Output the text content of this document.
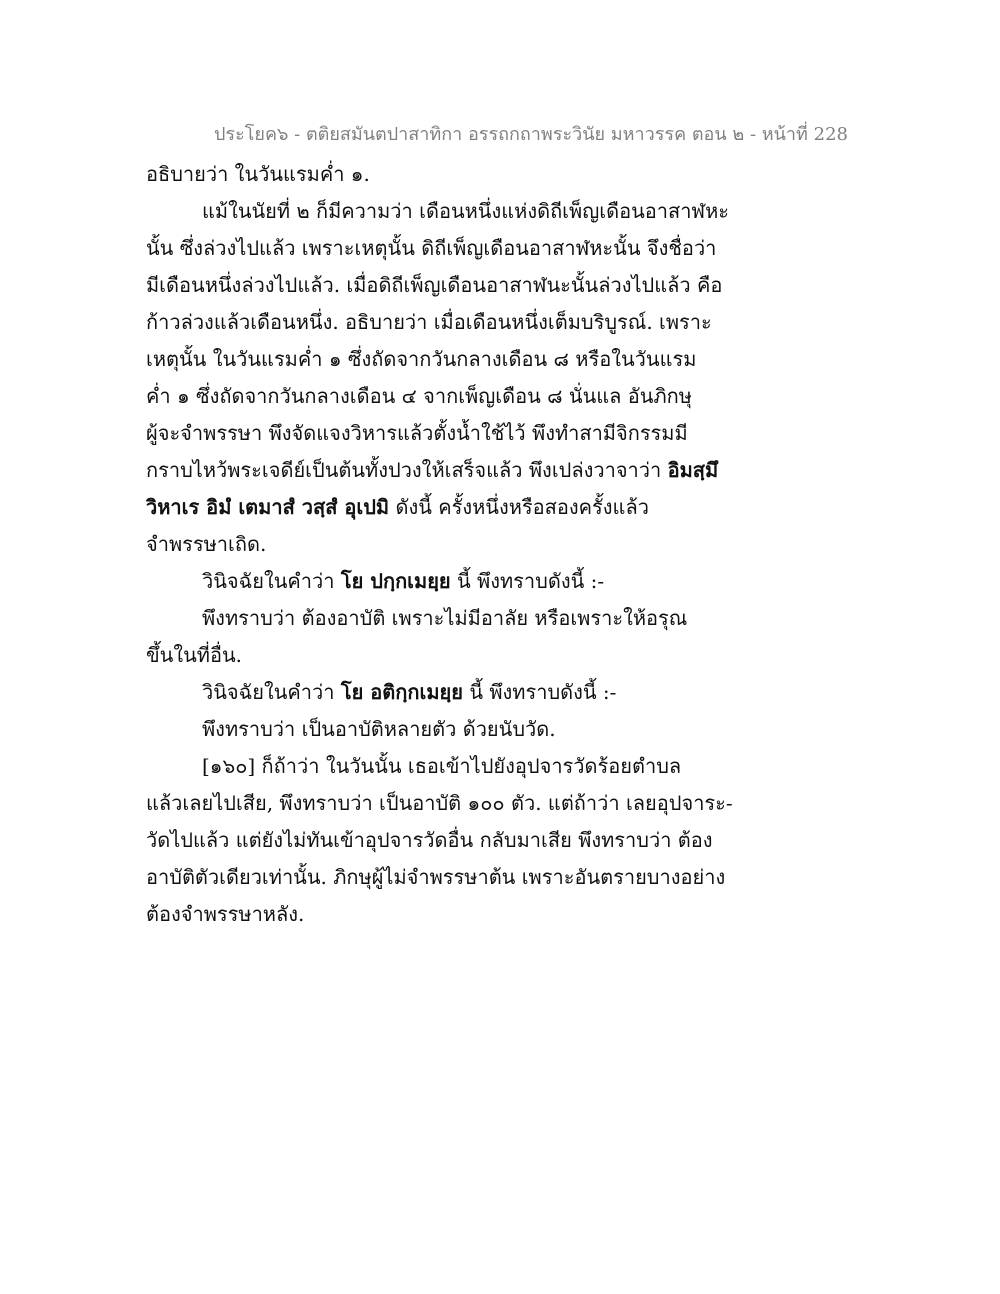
ประโยค๖ - ตติยสมันตปาสาทิกา อรรถกถาพระวินัย มหาวรรค ตอน ๒ - หน้าที่ 228
อธิบายว่า ในวันแรมค่ำ ๑.
แม้ในนัยที่ ๒ ก็มีความว่า เดือนหนึ่งแห่งดิถีเพ็ญเดือนอาสาฬหะ
นั้น ซึ่งล่วงไปแล้ว เพราะเหตุนั้น ดิถีเพ็ญเดือนอาสาฬหะนั้น จึงชื่อว่า
มีเดือนหนึ่งล่วงไปแล้ว. เมื่อดิถีเพ็ญเดือนอาสาฬนะนั้นล่วงไปแล้ว คือ
ก้าวล่วงแล้วเดือนหนึ่ง. อธิบายว่า เมื่อเดือนหนึ่งเต็มบริบูรณ์. เพราะ
เหตุนั้น ในวันแรมค่ำ ๑ ซึ่งถัดจากวันกลางเดือน ๘ หรือในวันแรม
ค่ำ ๑ ซึ่งถัดจากวันกลางเดือน ๔ จากเพ็ญเดือน ๘ นั่นแล อันภิกษุ
ผู้จะจำพรรษา พึงจัดแจงวิหารแล้วตั้งน้ำใช้ไว้ พึงทำสามีจิกรรมมี
กราบไหว้พระเจดีย์เป็นต้นทั้งปวงให้เสร็จแล้ว พึงเปล่งวาจาว่า อิมสฺมึ
วิหาเร อิมํ เตมาสํ วสฺสํ อุเปมิ ดังนี้ ครั้งหนึ่งหรือสองครั้งแล้ว
จำพรรษาเถิด.
วินิจฉัยในคำว่า โย ปกฺกเมยฺย นี้ พึงทราบดังนี้ :-
พึงทราบว่า ต้องอาบัติ เพราะไม่มีอาลัย หรือเพราะให้อรุณ
ขึ้นในที่อื่น.
วินิจฉัยในคำว่า โย อติกฺกเมยฺย นี้ พึงทราบดังนี้ :-
พึงทราบว่า เป็นอาบัติหลายตัว ด้วยนับวัด.
[๑๖๐] ก็ถ้าว่า ในวันนั้น เธอเข้าไปยังอุปจารวัดร้อยตำบล
แล้วเลยไปเสีย, พึงทราบว่า เป็นอาบัติ ๑๐๐ ตัว. แต่ถ้าว่า เลยอุปจาระ-
วัดไปแล้ว แต่ยังไม่ทันเข้าอุปจารวัดอื่น กลับมาเสีย พึงทราบว่า ต้อง
อาบัติตัวเดียวเท่านั้น. ภิกษุผู้ไม่จำพรรษาต้น เพราะอันตรายบางอย่าง
ต้องจำพรรษาหลัง.
